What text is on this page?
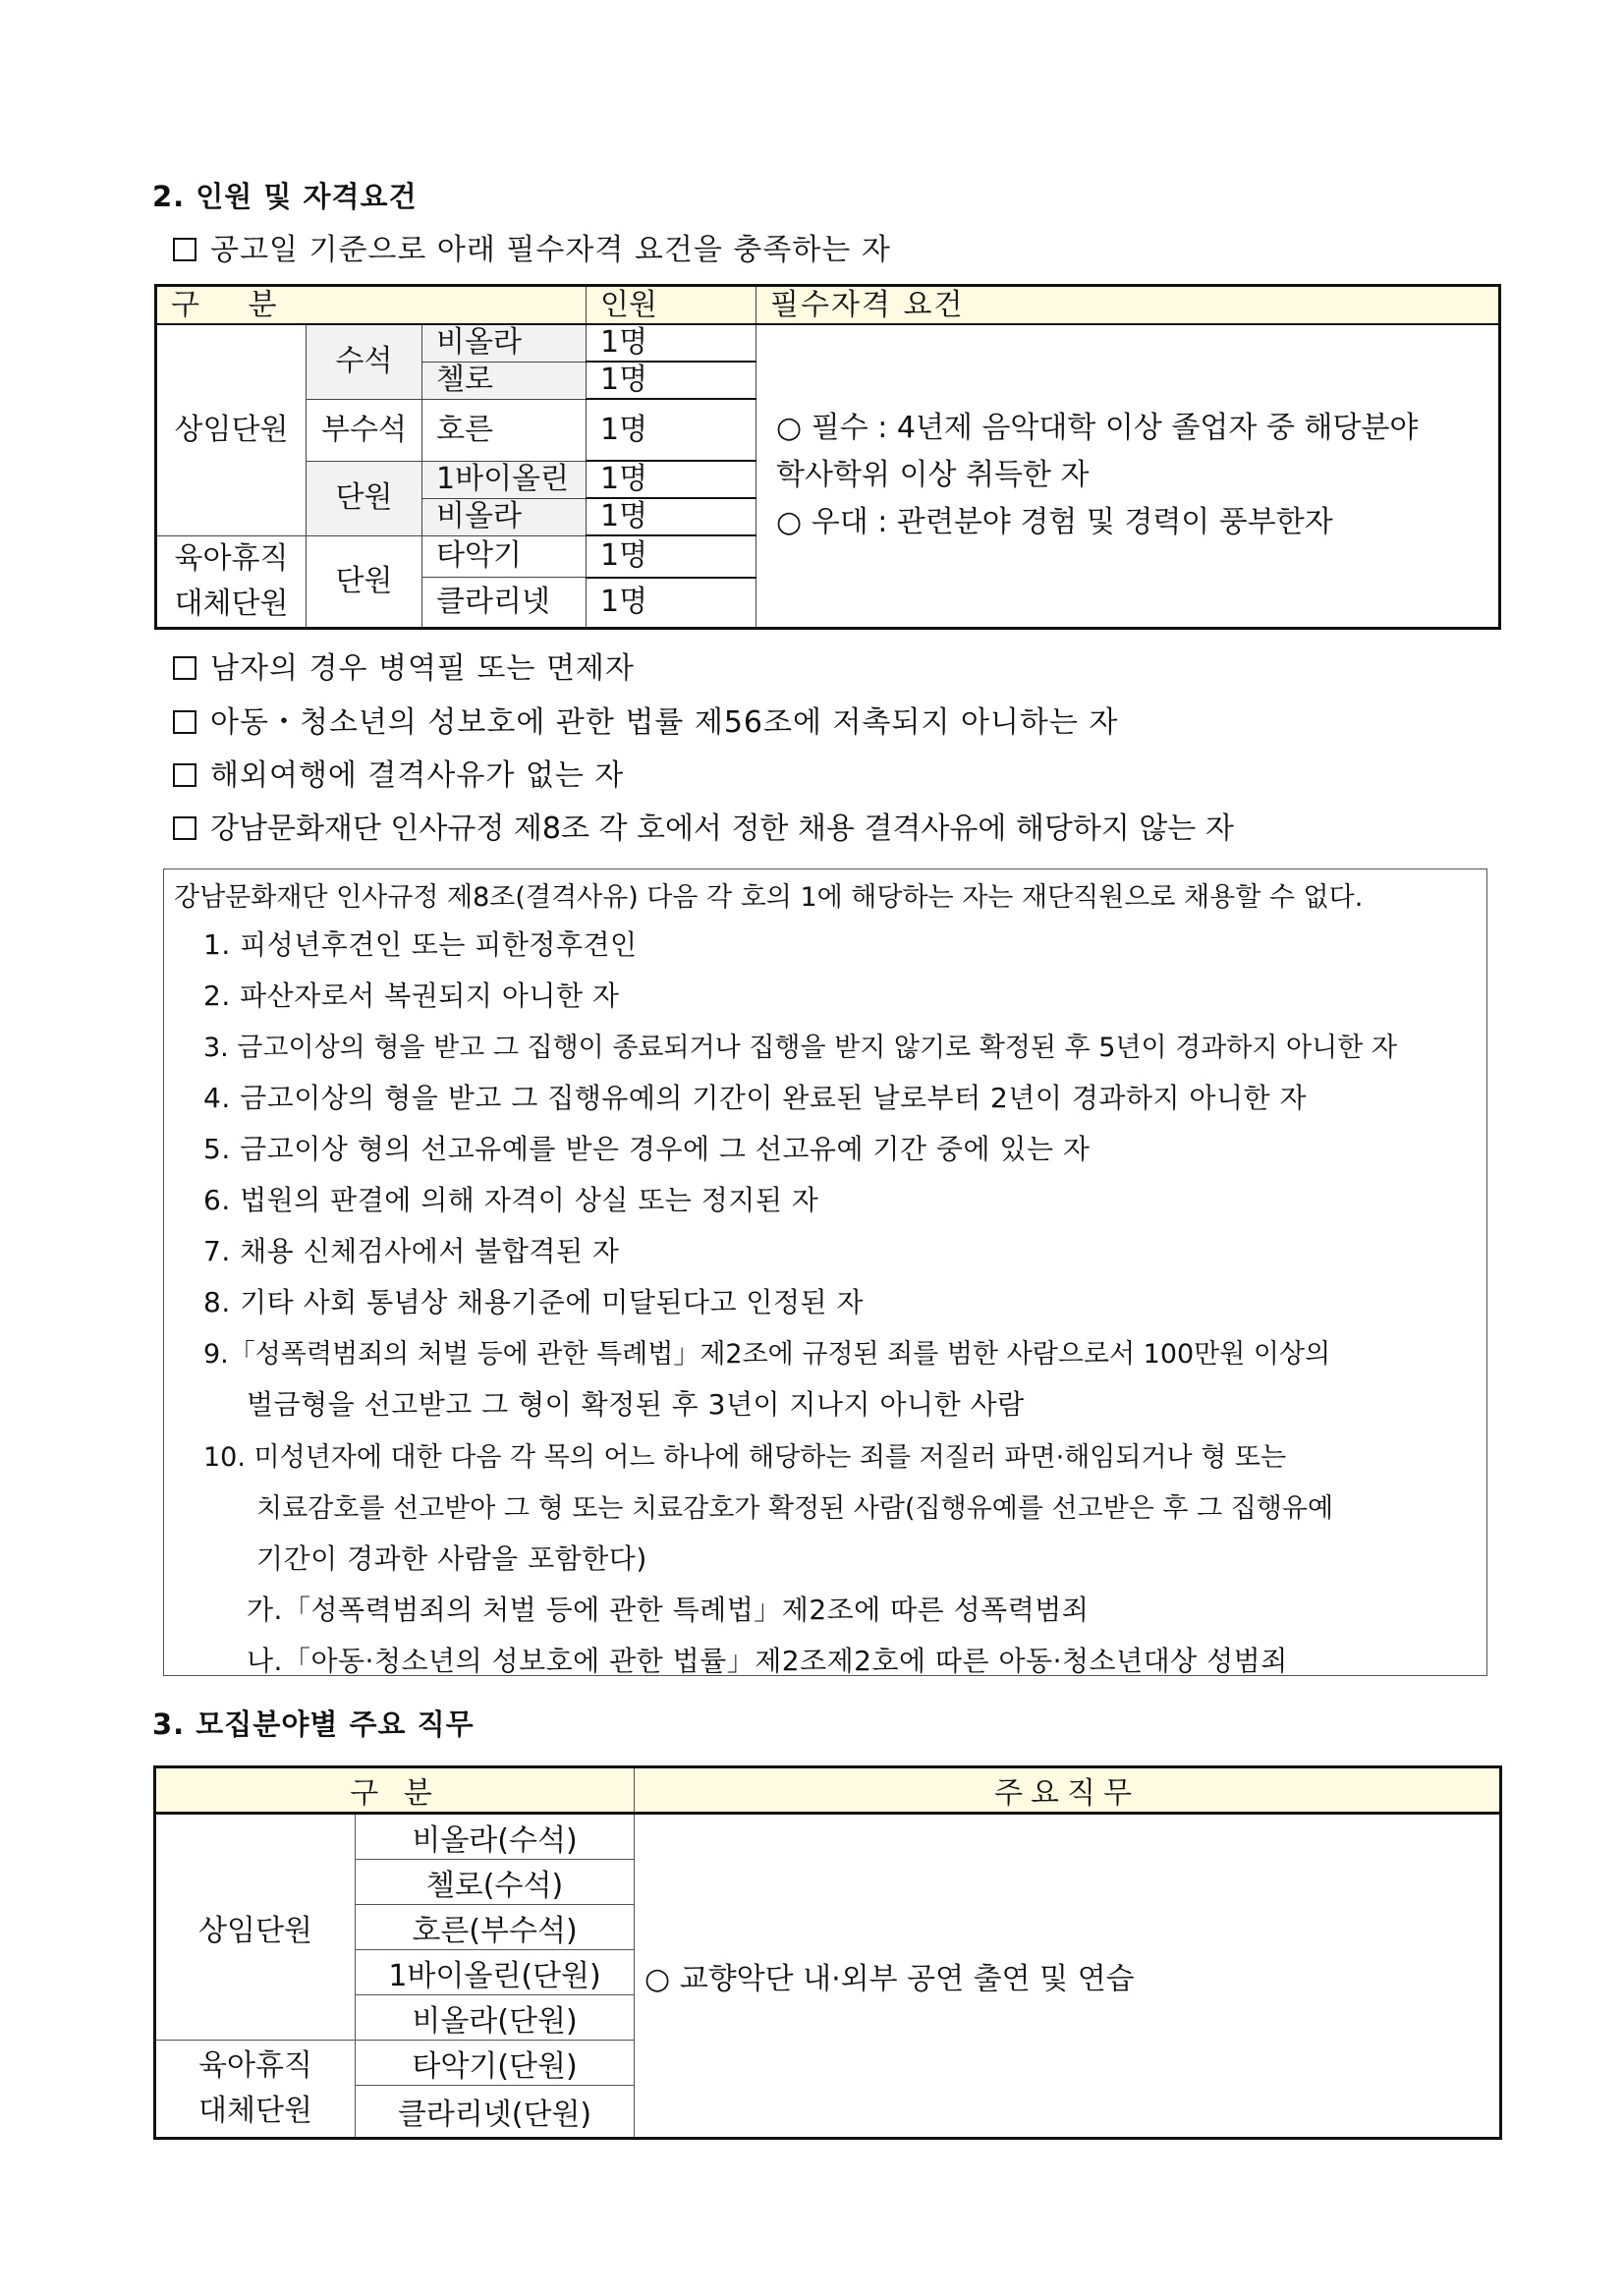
2. 인원 및 자격요건
공고일 기준으로 아래 필수자격 요건을 충족하는 자
구 분			인원	필수자격 요건
상임단원	수석	비올라	1명	○ 필수 : 4년제 음악대학 이상 졸업자 중 해당분야
학사학위 이상 취득한 자
○ 우대 : 관련분야 경험 및 경력이 풍부한자

		첼로	1명	
	부수석	호른	1명	
	단원	1바이올린	1명	
		비올라	1명	

육아휴직
대체단원	단원	타악기	1명	
		클라리넷	1명	
남자의 경우 병역필 또는 면제자
아동・청소년의 성보호에 관한 법률 제56조에 저촉되지 아니하는 자
해외여행에 결격사유가 없는 자
강남문화재단 인사규정 제8조 각 호에서 정한 채용 결격사유에 해당하지 않는 자
강남문화재단 인사규정 제8조(결격사유) 다음 각 호의 1에 해당하는 자는 재단직원으로 채용할 수 없다.
1. 피성년후견인 또는 피한정후견인
2. 파산자로서 복권되지 아니한 자
3. 금고이상의 형을 받고 그 집행이 종료되거나 집행을 받지 않기로 확정된 후 5년이 경과하지 아니한 자
4. 금고이상의 형을 받고 그 집행유예의 기간이 완료된 날로부터 2년이 경과하지 아니한 자
5. 금고이상 형의 선고유예를 받은 경우에 그 선고유예 기간 중에 있는 자
6. 법원의 판결에 의해 자격이 상실 또는 정지된 자
7. 채용 신체검사에서 불합격된 자
8. 기타 사회 통념상 채용기준에 미달된다고 인정된 자
9.「성폭력범죄의 처벌 등에 관한 특례법」제2조에 규정된 죄를 범한 사람으로서 100만원 이상의
벌금형을 선고받고 그 형이 확정된 후 3년이 지나지 아니한 사람
10. 미성년자에 대한 다음 각 목의 어느 하나에 해당하는 죄를 저질러 파면·해임되거나 형 또는
치료감호를 선고받아 그 형 또는 치료감호가 확정된 사람(집행유예를 선고받은 후 그 집행유예
기간이 경과한 사람을 포함한다)
가.「성폭력범죄의 처벌 등에 관한 특례법」제2조에 따른 성폭력범죄
나.「아동·청소년의 성보호에 관한 법률」제2조제2호에 따른 아동·청소년대상 성범죄
3. 모집분야별 주요 직무
구 분		주요직무
상임단원	비올라(수석)	○ 교향악단 내·외부 공연 출연 및 연습
	첼로(수석)	
	호른(부수석)	
	1바이올린(단원)	
	비올라(단원)	

육아휴직
대체단원	타악기(단원)	
	클라리넷(단원)	
